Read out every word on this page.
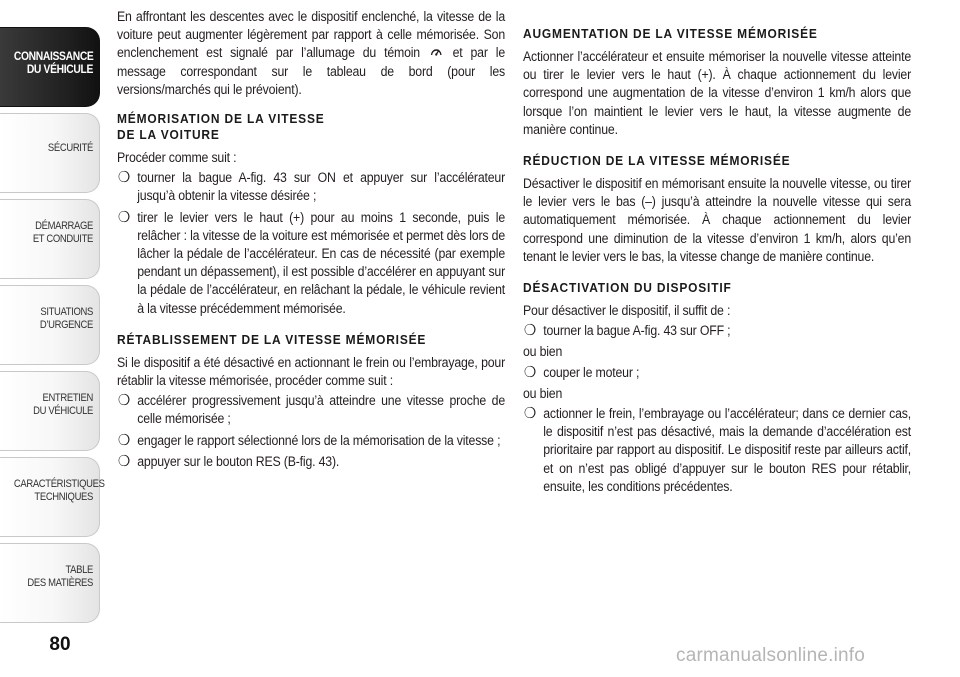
CONNAISSANCE
DU VÉHICULE
SÉCURITÉ
DÉMARRAGE
ET CONDUITE
SITUATIONS
D’URGENCE
ENTRETIEN
DU VÉHICULE
CARACTÉRISTIQUES
TECHNIQUES
TABLE
DES MATIÈRES
80

En affrontant les descentes avec le dispositif enclenché, la vitesse de la voiture peut augmenter légèrement par rapport à celle mémorisée. Son enclenchement est signalé par l’allumage du témoin et par le message correspondant sur le tableau de bord (pour les versions/marchés qui le prévoient).

MÉMORISATION DE LA VITESSE
DE LA VOITURE

Procéder comme suit :

❍ tourner la bague A-fig. 43 sur ON et appuyer sur l’accélérateur jusqu’à obtenir la vitesse désirée ;
❍ tirer le levier vers le haut (+) pour au moins 1 seconde, puis le relâcher : la vitesse de la voiture est mémorisée et permet dès lors de lâcher la pédale de l’accélérateur. En cas de nécessité (par exemple pendant un dépassement), il est possible d’accélérer en appuyant sur la pédale de l’accélérateur, en relâchant la pédale, le véhicule revient à la vitesse précédemment mémorisée.
RÉTABLISSEMENT DE LA VITESSE MÉMORISÉE

Si le dispositif a été désactivé en actionnant le frein ou l’embrayage, pour rétablir la vitesse mémorisée, procéder comme suit :

❍ accélérer progressivement jusqu’à atteindre une vitesse proche de celle mémorisée ;
❍ engager le rapport sélectionné lors de la mémorisation de la vitesse ;
❍ appuyer sur le bouton RES (B-fig. 43).
AUGMENTATION DE LA VITESSE MÉMORISÉE

Actionner l’accélérateur et ensuite mémoriser la nouvelle vitesse atteinte ou tirer le levier vers le haut (+). À chaque actionnement du levier correspond une augmentation de la vitesse d’environ 1 km/h alors que lorsque l’on maintient le levier vers le haut, la vitesse augmente de manière continue.

RÉDUCTION DE LA VITESSE MÉMORISÉE

Désactiver le dispositif en mémorisant ensuite la nouvelle vitesse, ou tirer le levier vers le bas (–) jusqu’à atteindre la nouvelle vitesse qui sera automatiquement mémorisée. À chaque actionnement du levier correspond une diminution de la vitesse d’environ 1 km/h, alors qu’en tenant le levier vers le bas, la vitesse change de manière continue.

DÉSACTIVATION DU DISPOSITIF

Pour désactiver le dispositif, il suffit de :

❍ tourner la bague A-fig. 43 sur OFF ;

ou bien

❍ couper le moteur ;

ou bien

❍ actionner le frein, l’embrayage ou l’accélérateur; dans ce dernier cas, le dispositif n’est pas désactivé, mais la demande d’accélération est prioritaire par rapport au dispositif. Le dispositif reste par ailleurs actif, et on n’est pas obligé d’appuyer sur le bouton RES pour rétablir, ensuite, les conditions précédentes.
carmanualsonline.info
